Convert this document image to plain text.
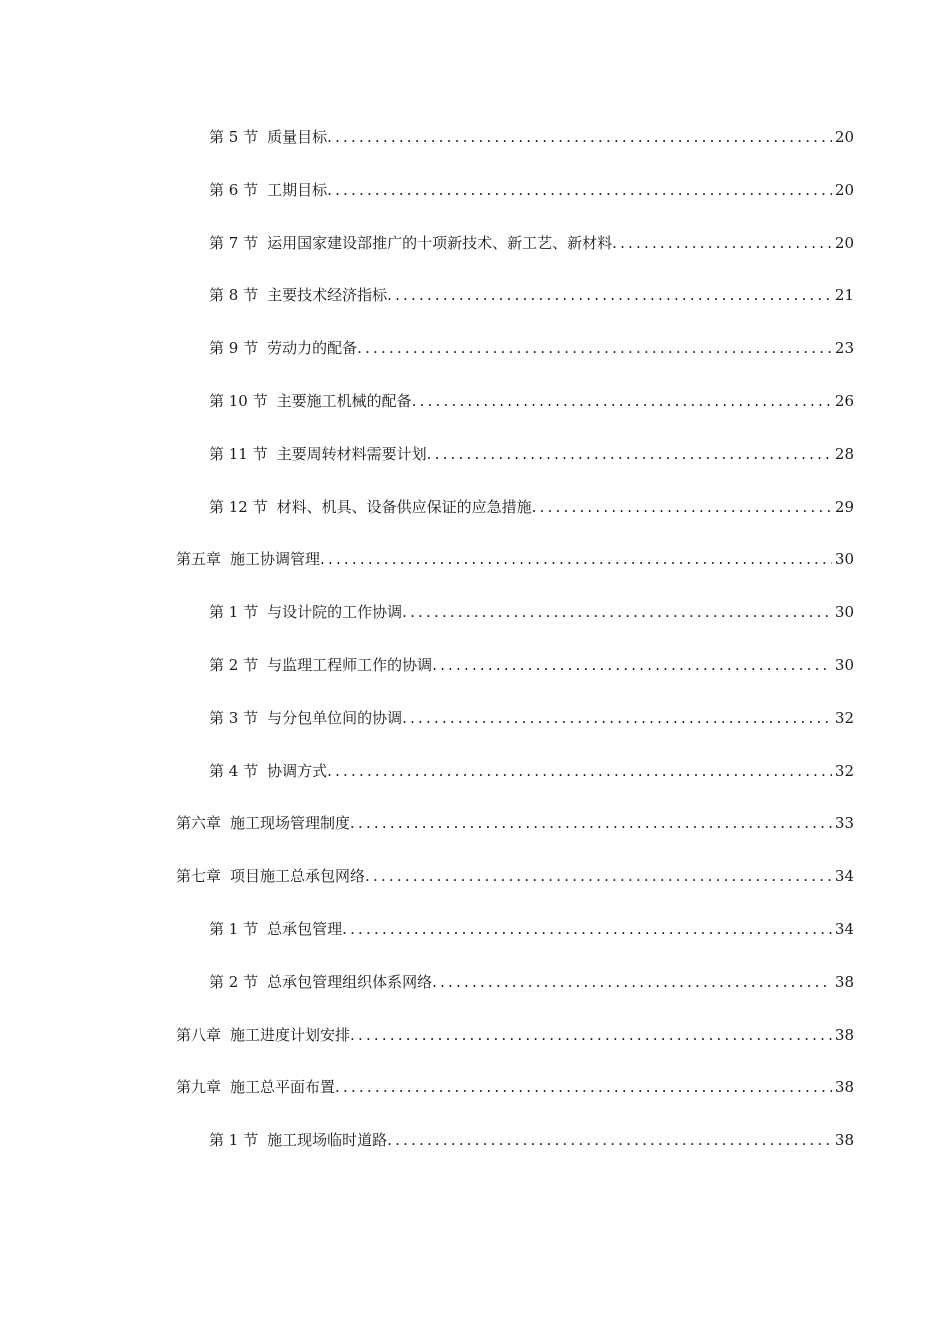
第 5 节 质量目标 .....	20
第 6 节 工期目标 .....	20
第 7 节 运用国家建设部推广的十项新技术、新工艺、新材料 .....	20
第 8 节 主要技术经济指标 .....	21
第 9 节 劳动力的配备 .....	23
第 10 节 主要施工机械的配备 .....	26
第 11 节 主要周转材料需要计划 .....	28
第 12 节 材料、机具、设备供应保证的应急措施 .....	29
第五章 施工协调管理 .....	30
第 1 节 与设计院的工作协调 .....	30
第 2 节 与监理工程师工作的协调 .....	30
第 3 节 与分包单位间的协调 .....	32
第 4 节 协调方式 .....	32
第六章 施工现场管理制度 .....	33
第七章 项目施工总承包网络 .....	34
第 1 节 总承包管理 .....	34
第 2 节 总承包管理组织体系网络 .....	38
第八章 施工进度计划安排 .....	38
第九章 施工总平面布置 .....	38
第 1 节 施工现场临时道路 .....	38
